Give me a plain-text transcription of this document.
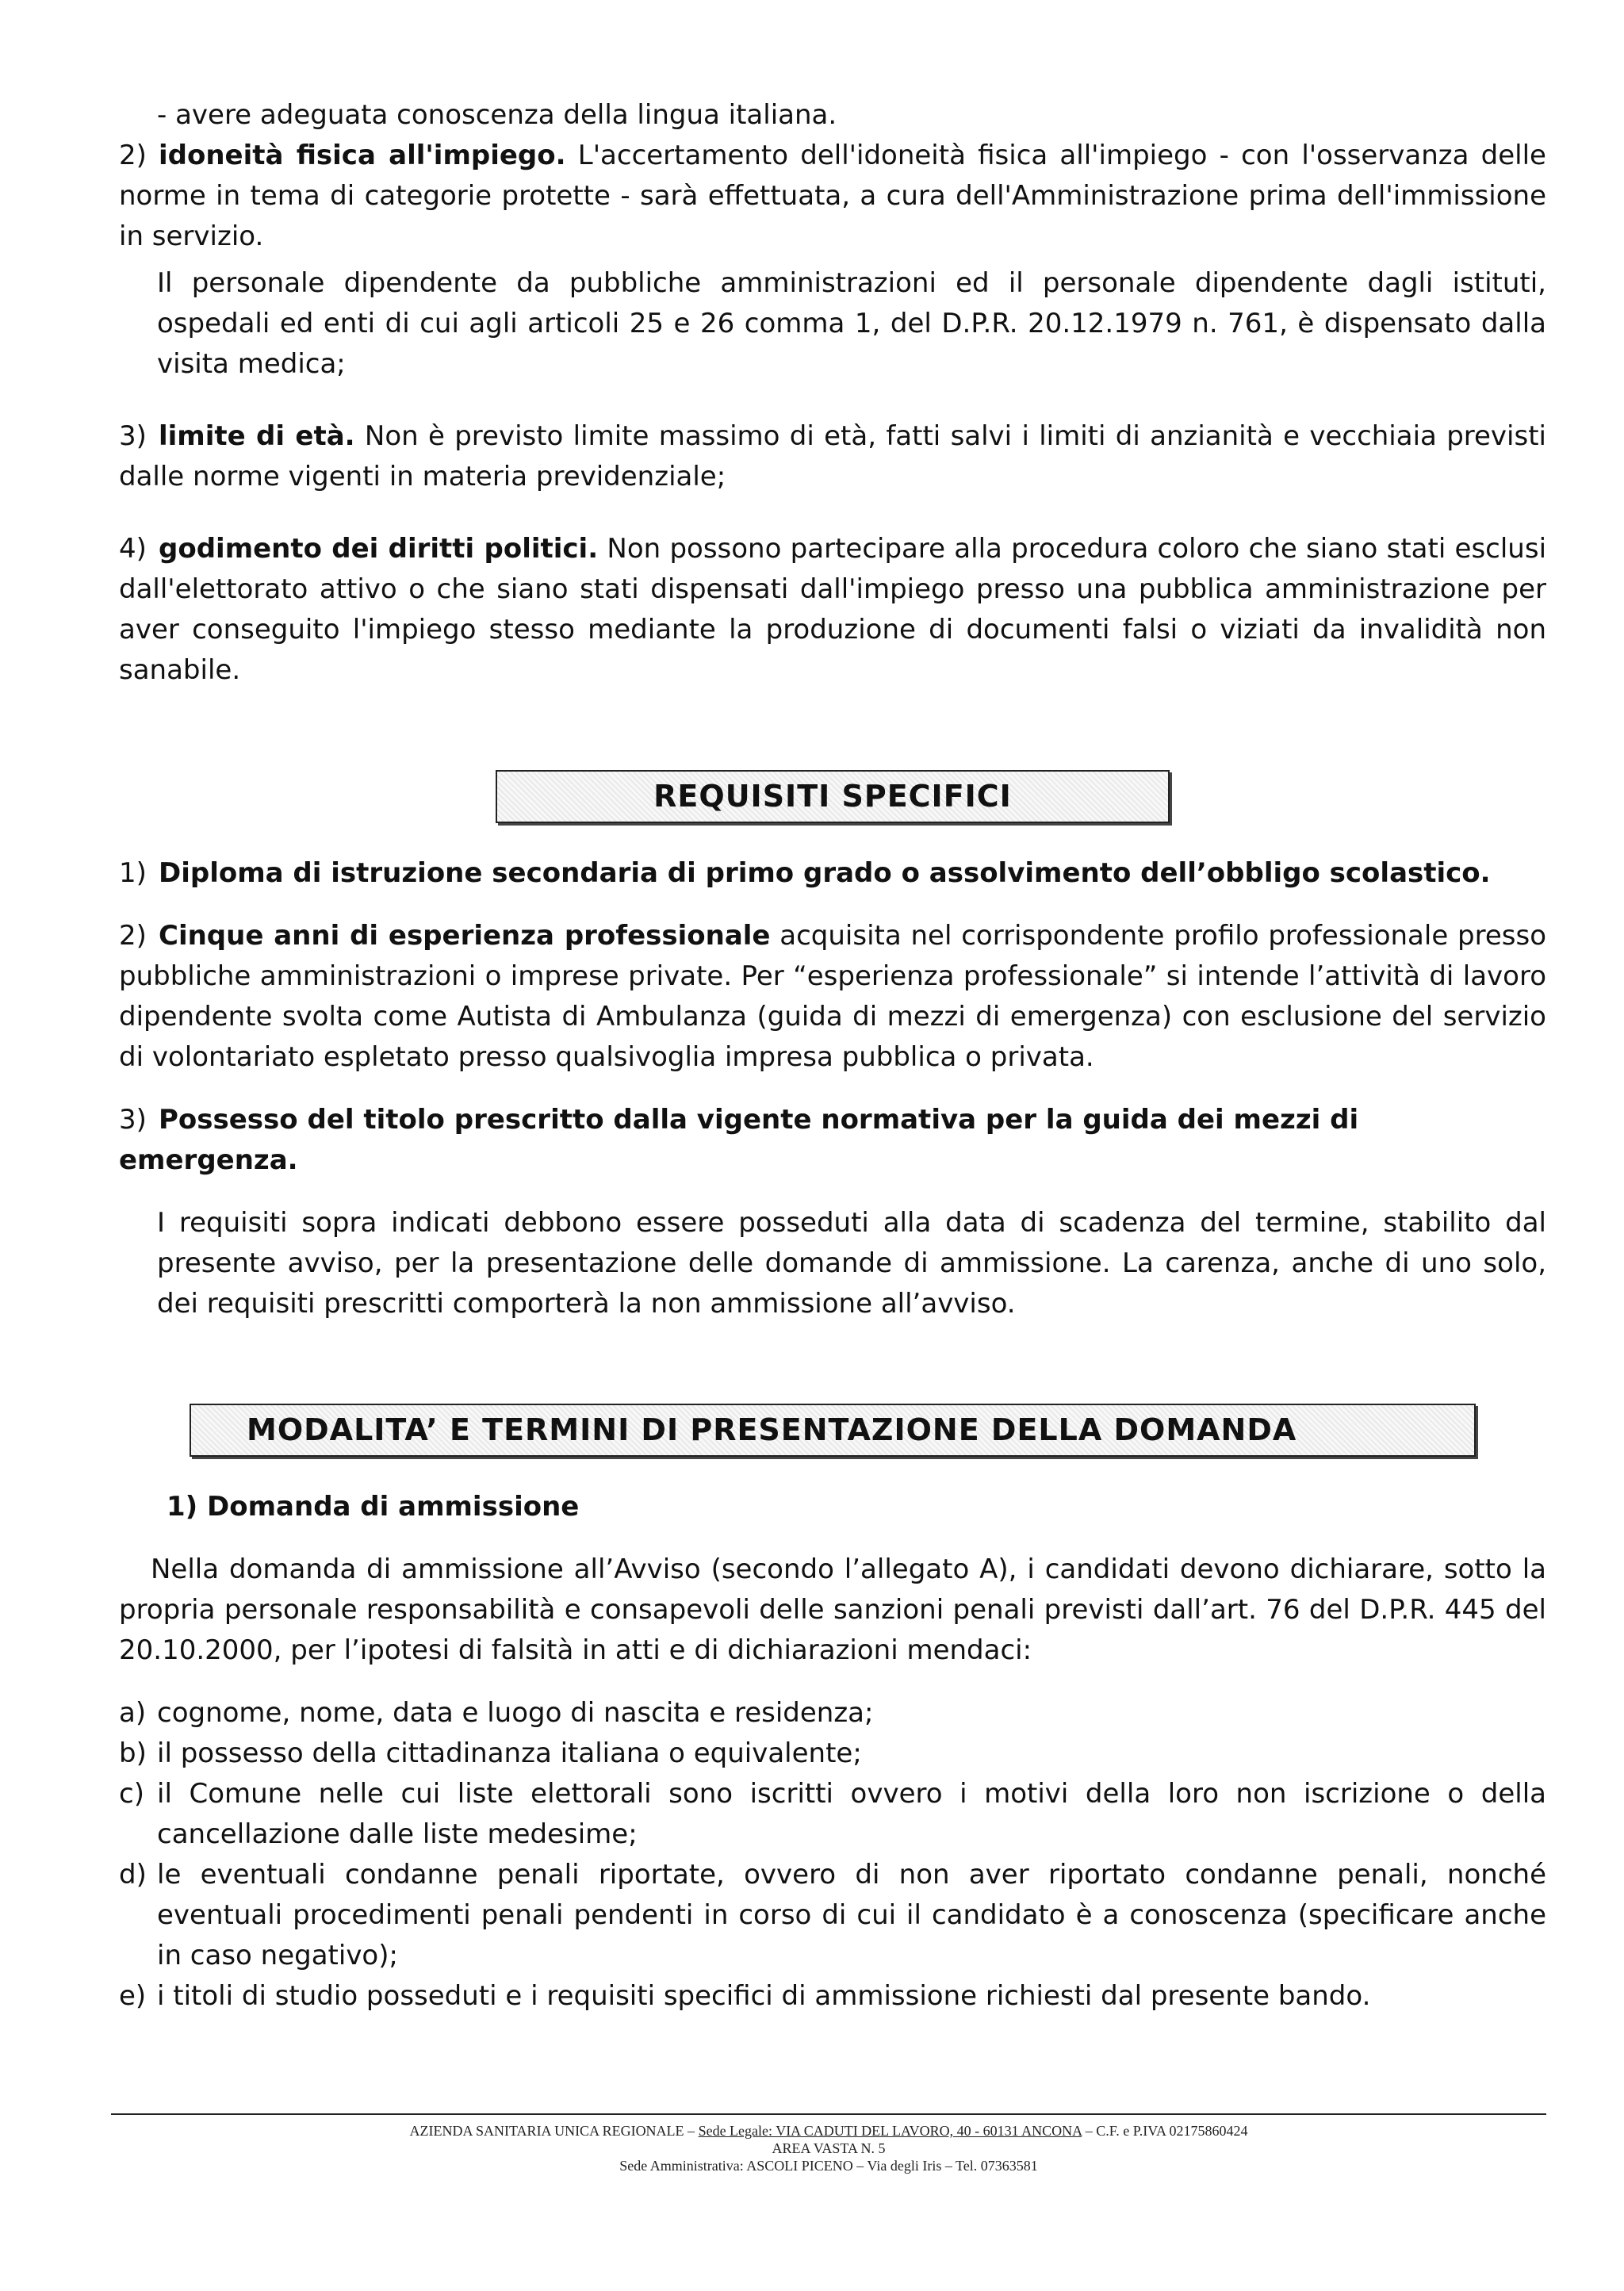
- avere adeguata conoscenza della lingua italiana.
2) idoneità fisica all'impiego. L'accertamento dell'idoneità fisica all'impiego - con l'osservanza delle norme in tema di categorie protette - sarà effettuata, a cura dell'Amministrazione prima dell'immissione in servizio.
Il personale dipendente da pubbliche amministrazioni ed il personale dipendente dagli istituti, ospedali ed enti di cui agli articoli 25 e 26 comma 1, del D.P.R. 20.12.1979 n. 761, è dispensato dalla visita medica;
3) limite di età. Non è previsto limite massimo di età, fatti salvi i limiti di anzianità e vecchiaia previsti dalle norme vigenti in materia previdenziale;
4) godimento dei diritti politici. Non possono partecipare alla procedura coloro che siano stati esclusi dall'elettorato attivo o che siano stati dispensati dall'impiego presso una pubblica amministrazione per aver conseguito l'impiego stesso mediante la produzione di documenti falsi o viziati da invalidità non sanabile.
REQUISITI SPECIFICI
1) Diploma di istruzione secondaria di primo grado o assolvimento dell’obbligo scolastico.
2) Cinque anni di esperienza professionale acquisita nel corrispondente profilo professionale presso pubbliche amministrazioni o imprese private. Per “esperienza professionale” si intende l’attività di lavoro dipendente svolta come Autista di Ambulanza (guida di mezzi di emergenza) con esclusione del servizio di volontariato espletato presso qualsivoglia impresa pubblica o privata.
3) Possesso del titolo prescritto dalla vigente normativa per la guida dei mezzi di emergenza.
I requisiti sopra indicati debbono essere posseduti alla data di scadenza del termine, stabilito dal presente avviso, per la presentazione delle domande di ammissione. La carenza, anche di uno solo, dei requisiti prescritti comporterà la non ammissione all’avviso.
MODALITA’ E TERMINI DI PRESENTAZIONE DELLA DOMANDA
1) Domanda di ammissione
Nella domanda di ammissione all’Avviso (secondo l’allegato A), i candidati devono dichiarare, sotto la propria personale responsabilità e consapevoli delle sanzioni penali previsti dall’art. 76 del D.P.R. 445 del 20.10.2000, per l’ipotesi di falsità in atti e di dichiarazioni mendaci:
a) cognome, nome, data e luogo di nascita e residenza;
b) il possesso della cittadinanza italiana o equivalente;
c) il Comune nelle cui liste elettorali sono iscritti ovvero i motivi della loro non iscrizione o della cancellazione dalle liste medesime;
d) le eventuali condanne penali riportate, ovvero di non aver riportato condanne penali, nonché eventuali procedimenti penali pendenti in corso di cui il candidato è a conoscenza (specificare anche in caso negativo);
e) i titoli di studio posseduti e i requisiti specifici di ammissione richiesti dal presente bando.
AZIENDA SANITARIA UNICA REGIONALE – Sede Legale: VIA CADUTI DEL LAVORO, 40 - 60131 ANCONA – C.F. e P.IVA 02175860424
AREA VASTA N. 5
Sede Amministrativa: ASCOLI PICENO – Via degli Iris – Tel. 07363581
